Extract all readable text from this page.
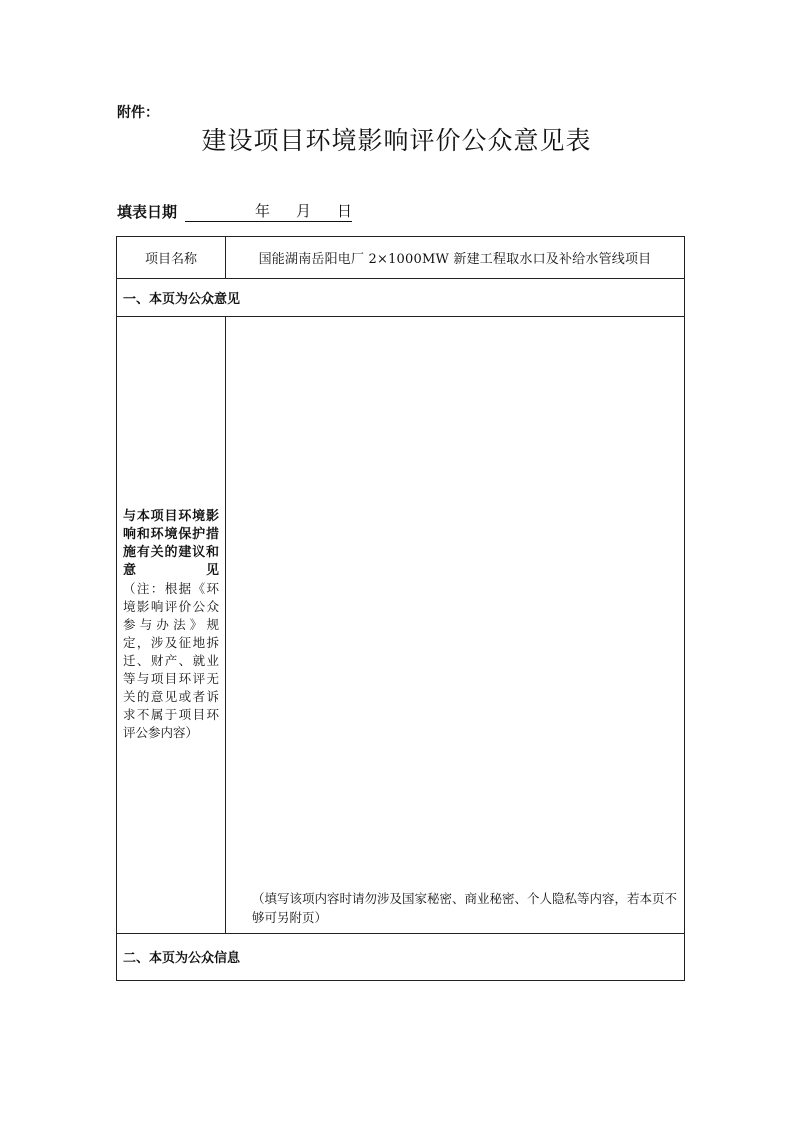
附件：
建设项目环境影响评价公众意见表
填表日期	年 月 日
项目名称	国能湖南岳阳电厂 2×1000MW 新建工程取水口及补给水管线项目
一、本页为公众意见
与本项目环境影响和环境保护措施有关的建议和意见
（注：根据《环境影响评价公众参与办法》规定，涉及征地拆迁、财产、就业等与项目环评无关的意见或者诉求不属于项目环评公参内容）
（填写该项内容时请勿涉及国家秘密、商业秘密、个人隐私等内容，若本页不够可另附页）
二、本页为公众信息
